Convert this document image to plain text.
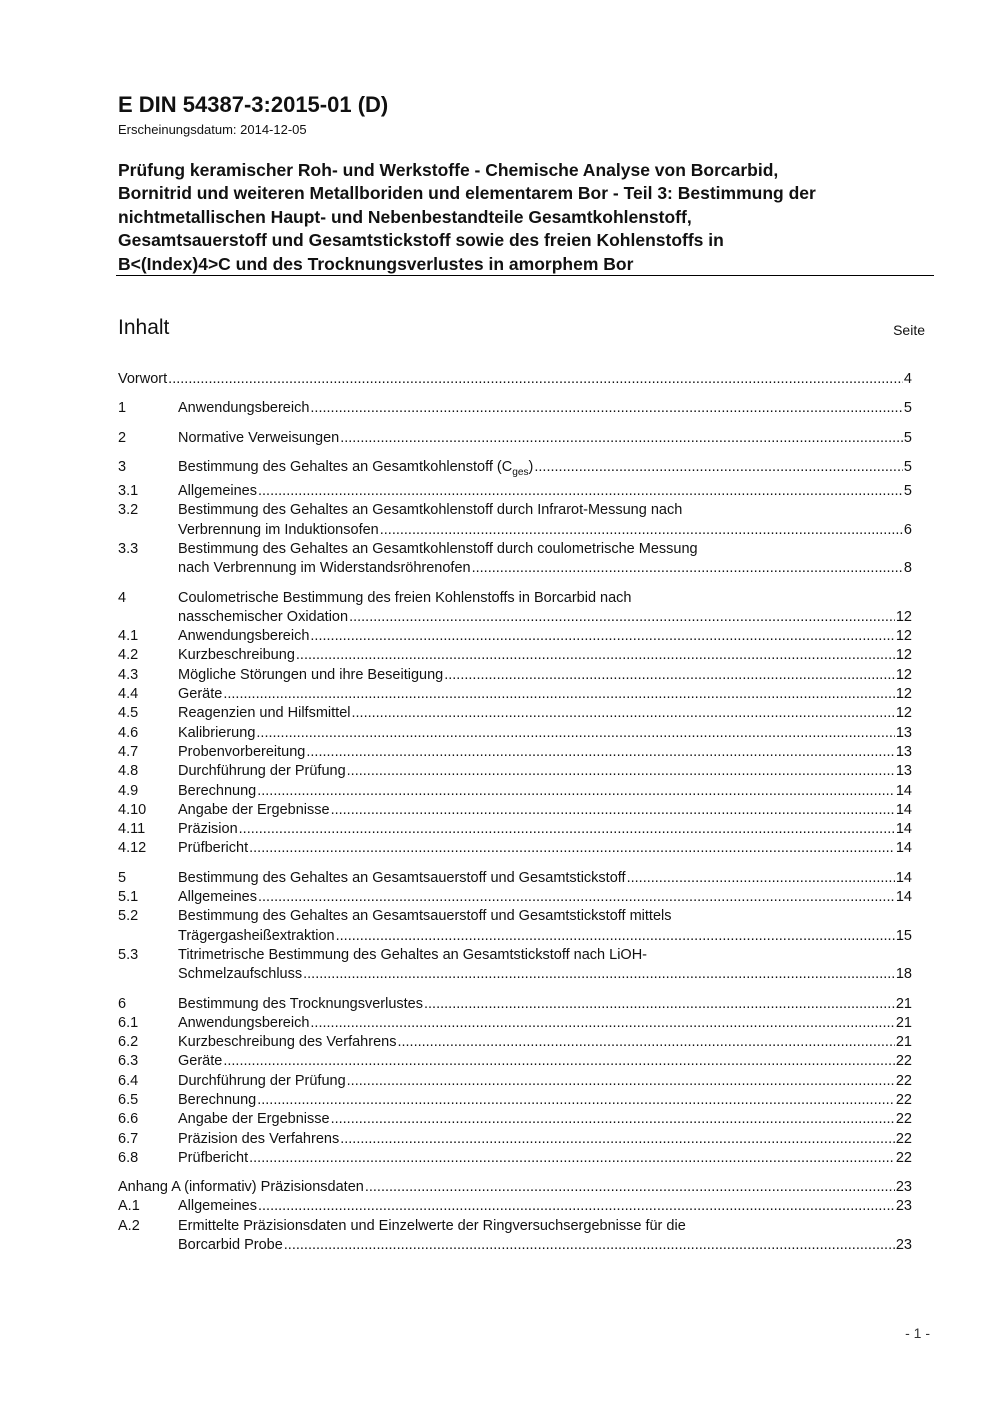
E DIN 54387-3:2015-01 (D)
Erscheinungsdatum: 2014-12-05
Prüfung keramischer Roh- und Werkstoffe - Chemische Analyse von Borcarbid,
Bornitrid und weiteren Metallboriden und elementarem Bor - Teil 3: Bestimmung der
nichtmetallischen Haupt- und Nebenbestandteile Gesamtkohlenstoff,
Gesamtsauerstoff und Gesamtstickstoff sowie des freien Kohlenstoffs in
B<(Index)4>C und des Trocknungsverlustes in amorphem Bor
Inhalt	Seite
Vorwort .....	4
1	Anwendungsbereich .....	5
2	Normative Verweisungen .....	5
3	Bestimmung des Gehaltes an Gesamtkohlenstoff $(C_{ges})$ .....	5
3.1	Allgemeines .....	5
3.2	Bestimmung des Gehaltes an Gesamtkohlenstoff durch Infrarot-Messung nach
Verbrennung im Induktionsofen .....	6
3.3	Bestimmung des Gehaltes an Gesamtkohlenstoff durch coulometrische Messung
nach Verbrennung im Widerstandsröhrenofen .....	8
4	Coulometrische Bestimmung des freien Kohlenstoffs in Borcarbid nach
nasschemischer Oxidation .....	12
4.1	Anwendungsbereich .....	12
4.2	Kurzbeschreibung .....	12
4.3	Mögliche Störungen und ihre Beseitigung .....	12
4.4	Geräte .....	12
4.5	Reagenzien und Hilfsmittel .....	12
4.6	Kalibrierung .....	13
4.7	Probenvorbereitung .....	13
4.8	Durchführung der Prüfung .....	13
4.9	Berechnung .....	14
4.10	Angabe der Ergebnisse .....	14
4.11	Präzision .....	14
4.12	Prüfbericht .....	14
5	Bestimmung des Gehaltes an Gesamtsauerstoff und Gesamtstickstoff .....	14
5.1	Allgemeines .....	14
5.2	Bestimmung des Gehaltes an Gesamtsauerstoff und Gesamtstickstoff mittels
Trägergasheißextraktion .....	15
5.3	Titrimetrische Bestimmung des Gehaltes an Gesamtstickstoff nach LiOH-
Schmelzaufschluss .....	18
6	Bestimmung des Trocknungsverlustes .....	21
6.1	Anwendungsbereich .....	21
6.2	Kurzbeschreibung des Verfahrens .....	21
6.3	Geräte .....	22
6.4	Durchführung der Prüfung .....	22
6.5	Berechnung .....	22
6.6	Angabe der Ergebnisse .....	22
6.7	Präzision des Verfahrens .....	22
6.8	Prüfbericht .....	22
Anhang A (informativ) Präzisionsdaten .....	23
A.1	Allgemeines .....	23
A.2	Ermittelte Präzisionsdaten und Einzelwerte der Ringversuchsergebnisse für die
Borcarbid Probe .....	23
- 1 -
